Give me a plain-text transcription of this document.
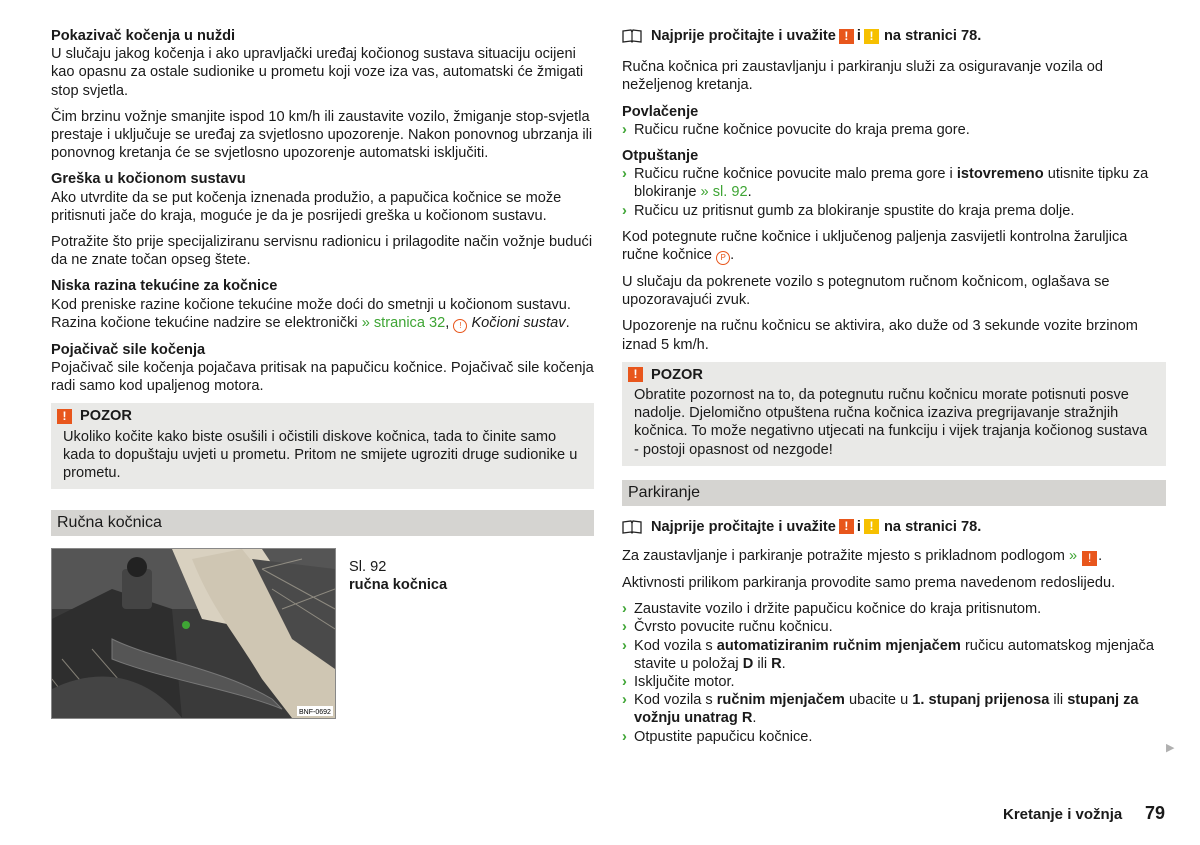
Pokazivač kočenja u nuždi
U slučaju jakog kočenja i ako upravljački uređaj kočionog sustava situaciju ocijeni kao opasnu za ostale sudionike u prometu koji voze iza vas, automatski će žmigati stop svjetla.

Čim brzinu vožnje smanjite ispod 10 km/h ili zaustavite vozilo, žmiganje stop-svjetla prestaje i uključuje se uređaj za svjetlosno upozorenje. Nakon ponovnog ubrzanja ili ponovnog kretanja će se svjetlosno upozorenje automatski isključiti.

Greška u kočionom sustavu
Ako utvrdite da se put kočenja iznenada produžio, a papučica kočnice se može pritisnuti jače do kraja, moguće je da je posrijedi greška u kočionom sustavu.

Potražite što prije specijaliziranu servisnu radionicu i prilagodite način vožnje budući da ne znate točan opseg štete.

Niska razina tekućine za kočnice
Kod preniske razine kočione tekućine može doći do smetnji u kočionom sustavu. Razina kočione tekućine nadzire se elektronički » stranica 32, ! Kočioni sustav.

Pojačivač sile kočenja
Pojačivač sile kočenja pojačava pritisak na papučicu kočnice. Pojačivač sile kočenja radi samo kod upaljenog motora.

! POZOR
Ukoliko kočite kako biste osušili i očistili diskove kočnica, tada to činite samo kada to dopuštaju uvjeti u prometu. Pritom ne smijete ugroziti druge sudionike u prometu.
Ručna kočnica
BNF-0692
Sl. 92
ručna kočnica
Najprije pročitajte i uvažite ! i ! na stranici 78.

Ručna kočnica pri zaustavljanju i parkiranju služi za osiguravanje vozila od neželjenog kretanja.

Povlačenje
› Ručicu ručne kočnice povucite do kraja prema gore.

Otpuštanje
› Ručicu ručne kočnice povucite malo prema gore i istovremeno utisnite tipku za blokiranje » sl. 92.
› Ručicu uz pritisnut gumb za blokiranje spustite do kraja prema dolje.

Kod potegnute ručne kočnice i uključenog paljenja zasvijetli kontrolna žaruljica ručne kočnice P .

U slučaju da pokrenete vozilo s potegnutom ručnom kočnicom, oglašava se upozoravajući zvuk.

Upozorenje na ručnu kočnicu se aktivira, ako duže od 3 sekunde vozite brzinom iznad 5 km/h.

! POZOR
Obratite pozornost na to, da potegnutu ručnu kočnicu morate potisnuti posve nadolje. Djelomično otpuštena ručna kočnica izaziva pregrijavanje stražnjih kočnica. To može negativno utjecati na funkciju i vijek trajanja kočionog sustava - postoji opasnost od nezgode!
Parkiranje
Najprije pročitajte i uvažite ! i ! na stranici 78.

Za zaustavljanje i parkiranje potražite mjesto s prikladnom podlogom » ! .

Aktivnosti prilikom parkiranja provodite samo prema navedenom redoslijedu.

› Zaustavite vozilo i držite papučicu kočnice do kraja pritisnutom.
› Čvrsto povucite ručnu kočnicu.
› Kod vozila s automatiziranim ručnim mjenjačem ručicu automatskog mjenjača stavite u položaj D ili R.
› Isključite motor.
› Kod vozila s ručnim mjenjačem ubacite u 1. stupanj prijenosa ili stupanj za vožnju unatrag R.
› Otpustite papučicu kočnice.
▶
Kretanje i vožnja 79
